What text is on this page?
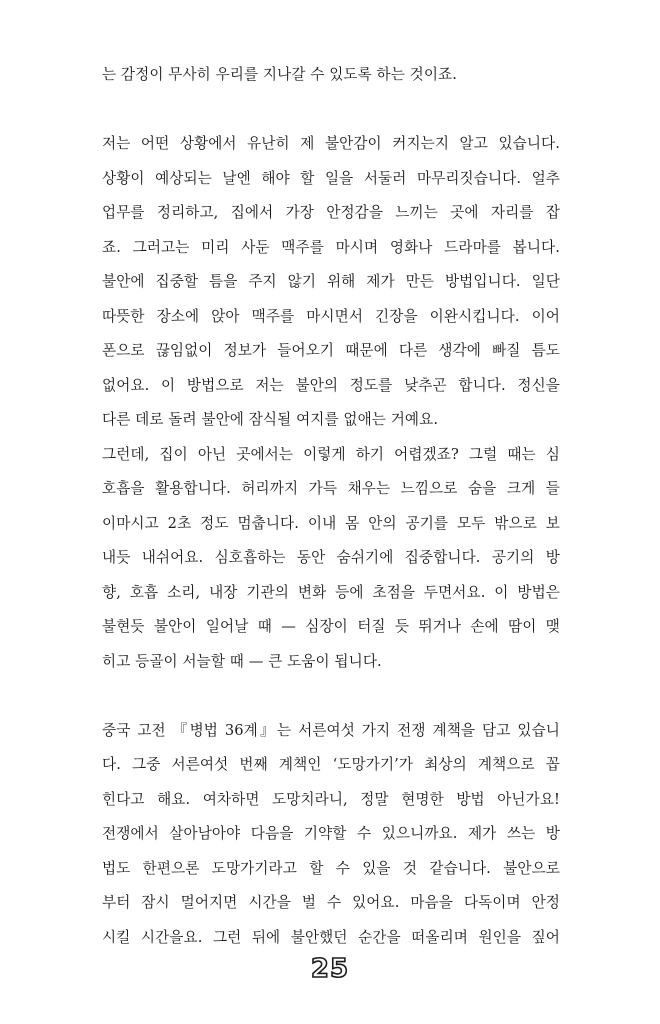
는 감정이 무사히 우리를 지나갈 수 있도록 하는 것이죠.
저는 어떤 상황에서 유난히 제 불안감이 커지는지 알고 있습니다.
상황이 예상되는 날엔 해야 할 일을 서둘러 마무리짓습니다. 얼추
업무를 정리하고, 집에서 가장 안정감을 느끼는 곳에 자리를 잡
죠. 그러고는 미리 사둔 맥주를 마시며 영화나 드라마를 봅니다.
불안에 집중할 틈을 주지 않기 위해 제가 만든 방법입니다. 일단
따뜻한 장소에 앉아 맥주를 마시면서 긴장을 이완시킵니다. 이어
폰으로 끊임없이 정보가 들어오기 때문에 다른 생각에 빠질 틈도
없어요. 이 방법으로 저는 불안의 정도를 낮추곤 합니다. 정신을
다른 데로 돌려 불안에 잠식될 여지를 없애는 거예요.
그런데, 집이 아닌 곳에서는 이렇게 하기 어렵겠죠? 그럴 때는 심
호흡을 활용합니다. 허리까지 가득 채우는 느낌으로 숨을 크게 들
이마시고 2초 정도 멈춥니다. 이내 몸 안의 공기를 모두 밖으로 보
내듯 내쉬어요. 심호흡하는 동안 숨쉬기에 집중합니다. 공기의 방
향, 호흡 소리, 내장 기관의 변화 등에 초점을 두면서요. 이 방법은
불현듯 불안이 일어날 때 — 심장이 터질 듯 뛰거나 손에 땀이 맺
히고 등골이 서늘할 때 — 큰 도움이 됩니다.
중국 고전 『병법 36계』는 서른여섯 가지 전쟁 계책을 담고 있습니
다. 그중 서른여섯 번째 계책인 ‘도망가기’가 최상의 계책으로 꼽
힌다고 해요. 여차하면 도망치라니, 정말 현명한 방법 아닌가요!
전쟁에서 살아남아야 다음을 기약할 수 있으니까요. 제가 쓰는 방
법도 한편으론 도망가기라고 할 수 있을 것 같습니다. 불안으로
부터 잠시 멀어지면 시간을 벌 수 있어요. 마음을 다독이며 안정
시킬 시간을요. 그런 뒤에 불안했던 순간을 떠올리며 원인을 짚어
25
